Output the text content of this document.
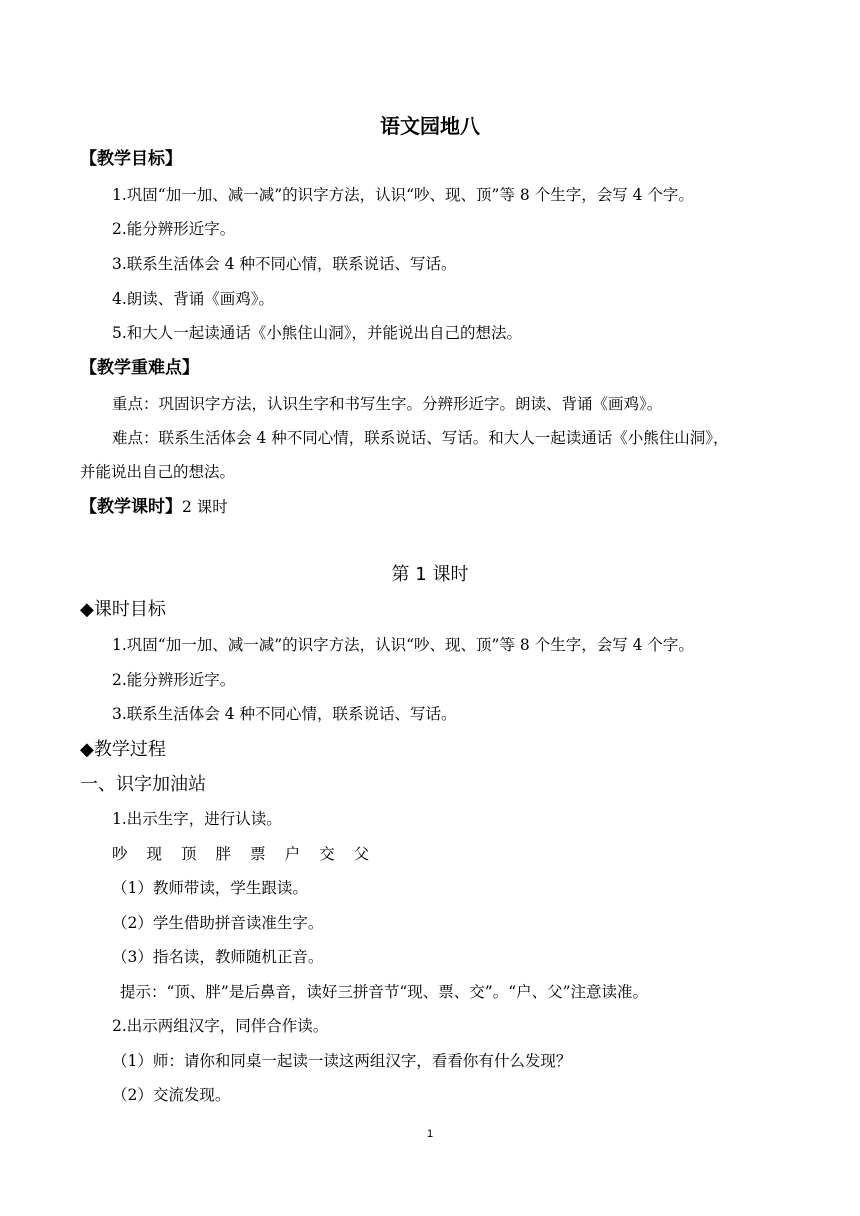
语文园地八
【教学目标】
1.巩固“加一加、减一减”的识字方法，认识“吵、现、顶”等 8 个生字，会写 4 个字。
2.能分辨形近字。
3.联系生活体会 4 种不同心情，联系说话、写话。
4.朗读、背诵《画鸡》。
5.和大人一起读通话《小熊住山洞》，并能说出自己的想法。
【教学重难点】
重点：巩固识字方法，认识生字和书写生字。分辨形近字。朗读、背诵《画鸡》。
难点：联系生活体会 4 种不同心情，联系说话、写话。和大人一起读通话《小熊住山洞》，
并能说出自己的想法。
【教学课时】2 课时
第 1 课时
◆课时目标
1.巩固“加一加、减一减”的识字方法，认识“吵、现、顶”等 8 个生字，会写 4 个字。
2.能分辨形近字。
3.联系生活体会 4 种不同心情，联系说话、写话。
◆教学过程
一、识字加油站
1.出示生字，进行认读。
吵 现 顶 胖 票 户 交 父
（1）教师带读，学生跟读。
（2）学生借助拼音读准生字。
（3）指名读，教师随机正音。
提示：“顶、胖”是后鼻音，读好三拼音节“现、票、交”。“户、父”注意读准。
2.出示两组汉字，同伴合作读。
（1）师：请你和同桌一起读一读这两组汉字，看看你有什么发现？
（2）交流发现。
1
